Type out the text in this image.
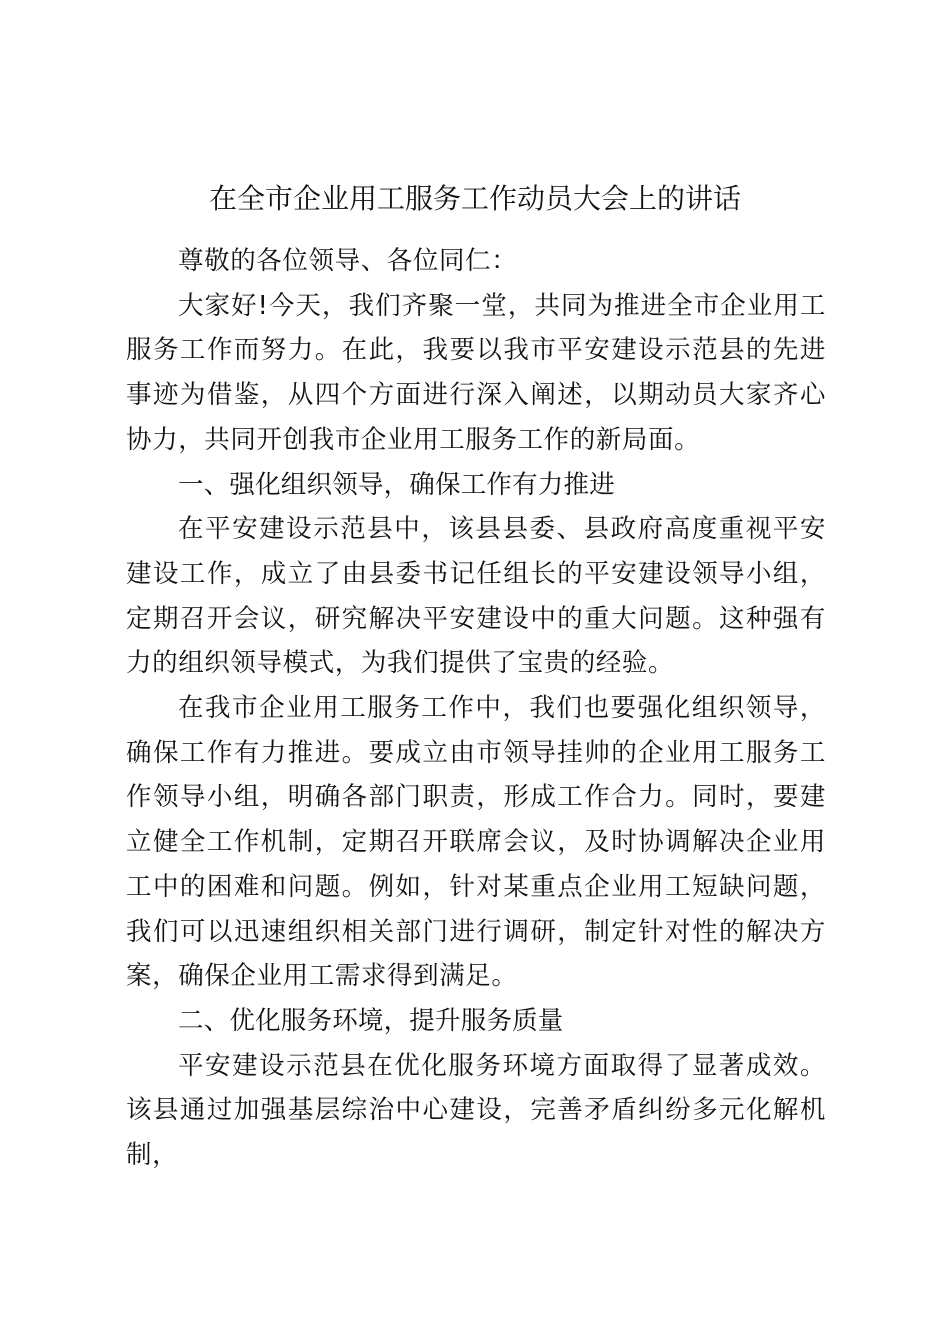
在全市企业用工服务工作动员大会上的讲话

尊敬的各位领导、各位同仁：

大家好!今天，我们齐聚一堂，共同为推进全市企业用工服务工作而努力。在此，我要以我市平安建设示范县的先进事迹为借鉴，从四个方面进行深入阐述，以期动员大家齐心协力，共同开创我市企业用工服务工作的新局面。

一、强化组织领导，确保工作有力推进

在平安建设示范县中，该县县委、县政府高度重视平安建设工作，成立了由县委书记任组长的平安建设领导小组，定期召开会议，研究解决平安建设中的重大问题。这种强有力的组织领导模式，为我们提供了宝贵的经验。

在我市企业用工服务工作中，我们也要强化组织领导，确保工作有力推进。要成立由市领导挂帅的企业用工服务工作领导小组，明确各部门职责，形成工作合力。同时，要建立健全工作机制，定期召开联席会议，及时协调解决企业用工中的困难和问题。例如，针对某重点企业用工短缺问题，我们可以迅速组织相关部门进行调研，制定针对性的解决方案，确保企业用工需求得到满足。

二、优化服务环境，提升服务质量

平安建设示范县在优化服务环境方面取得了显著成效。该县通过加强基层综治中心建设，完善矛盾纠纷多元化解机制，
